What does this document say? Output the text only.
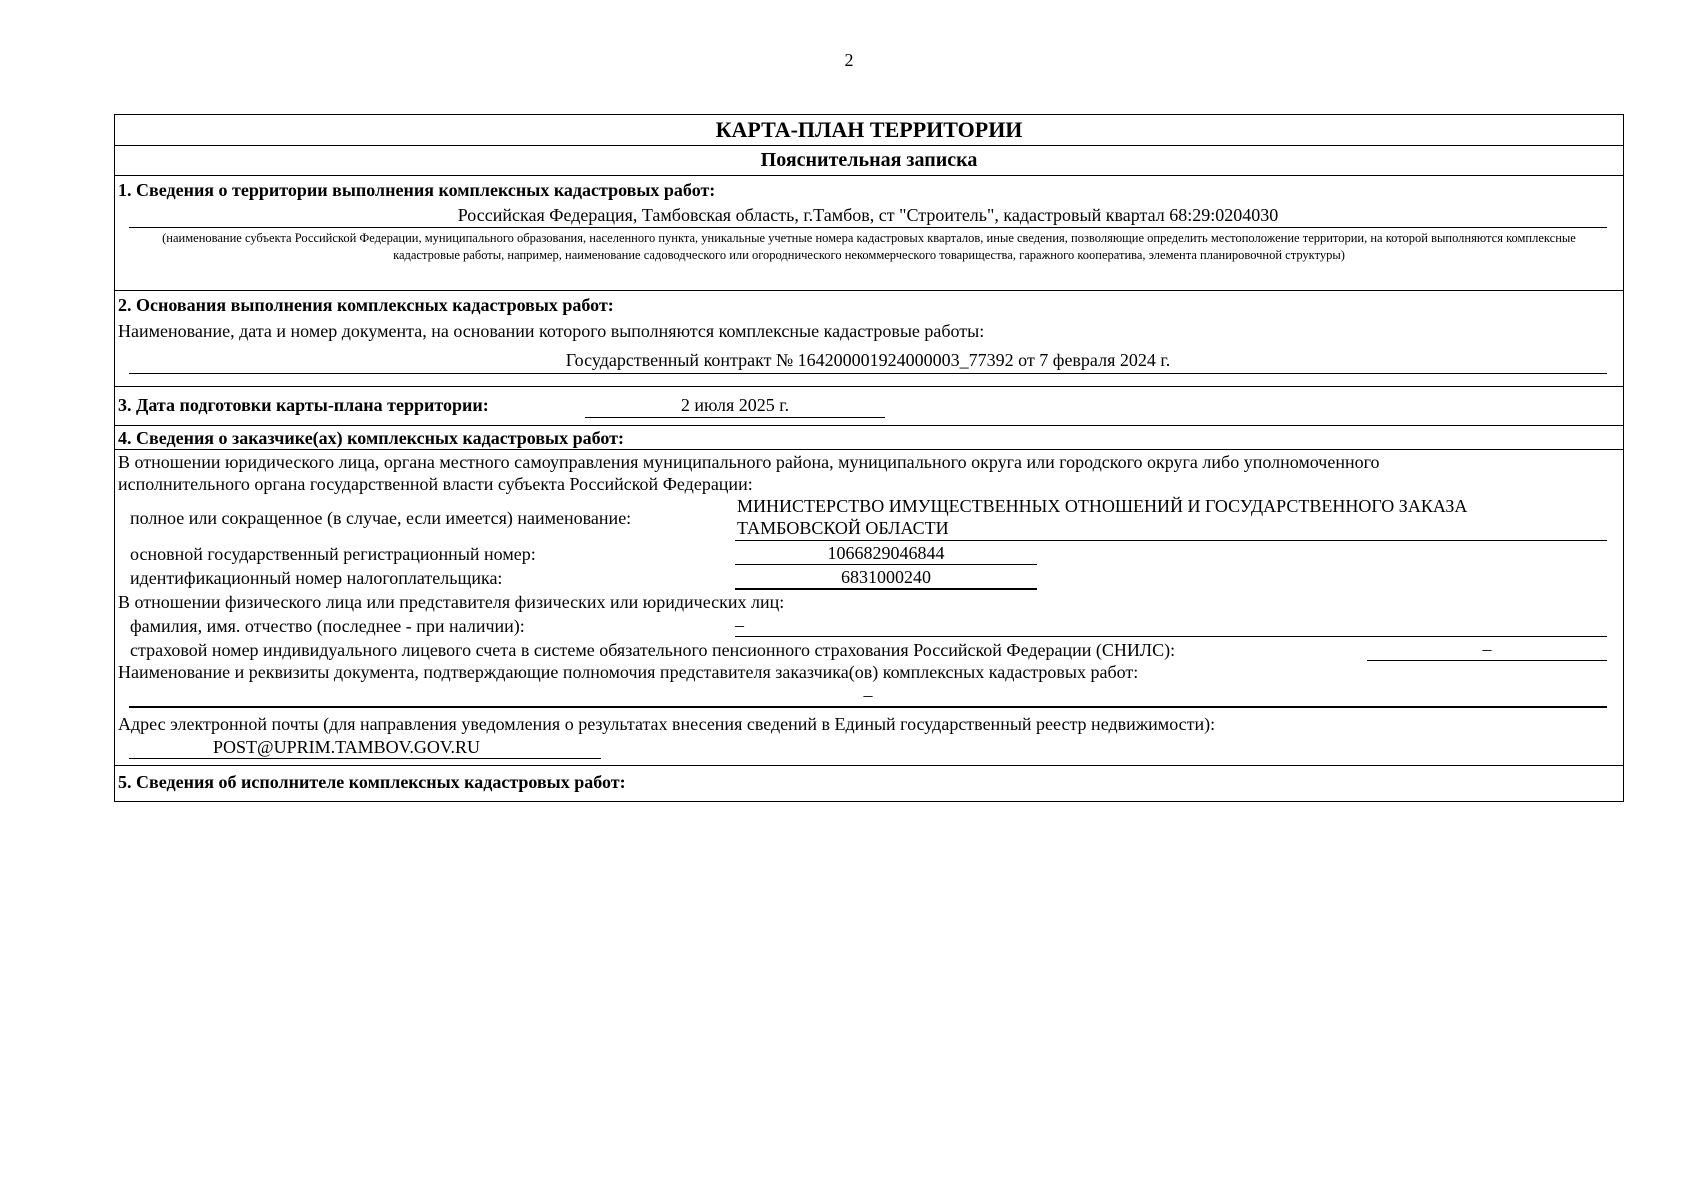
2
КАРТА-ПЛАН ТЕРРИТОРИИ
Пояснительная записка
1. Сведения о территории выполнения комплексных кадастровых работ:
Российская Федерация, Тамбовская область, г.Тамбов, ст "Строитель", кадастровый квартал 68:29:0204030
(наименование субъекта Российской Федерации, муниципального образования, населенного пункта, уникальные учетные номера кадастровых кварталов, иные сведения, позволяющие определить местоположение территории, на которой выполняются комплексные кадастровые работы, например, наименование садоводческого или огороднического некоммерческого товарищества, гаражного кооператива, элемента планировочной структуры)
2. Основания выполнения комплексных кадастровых работ:
Наименование, дата и номер документа, на основании которого выполняются комплексные кадастровые работы:
Государственный контракт № 164200001924000003_77392 от 7 февраля 2024 г.
3. Дата подготовки карты-плана территории:	2 июля 2025 г.
4. Сведения о заказчике(ах) комплексных кадастровых работ:
В отношении юридического лица, органа местного самоуправления муниципального района, муниципального округа или городского округа либо уполномоченного
исполнительного органа государственной власти субъекта Российской Федерации:
полное или сокращенное (в случае, если имеется) наименование:
МИНИСТЕРСТВО ИМУЩЕСТВЕННЫХ ОТНОШЕНИЙ И ГОСУДАРСТВЕННОГО ЗАКАЗА
ТАМБОВСКОЙ ОБЛАСТИ
основной государственный регистрационный номер:	1066829046844
идентификационный номер налогоплательщика:	6831000240
В отношении физического лица или представителя физических или юридических лиц:
фамилия, имя. отчество (последнее - при наличии):	–
страховой номер индивидуального лицевого счета в системе обязательного пенсионного страхования Российской Федерации (СНИЛС):	–
Наименование и реквизиты документа, подтверждающие полномочия представителя заказчика(ов) комплексных кадастровых работ:
–
Адрес электронной почты (для направления уведомления о результатах внесения сведений в Единый государственный реестр недвижимости):
POST@UPRIM.TAMBOV.GOV.RU
5. Сведения об исполнителе комплексных кадастровых работ:
